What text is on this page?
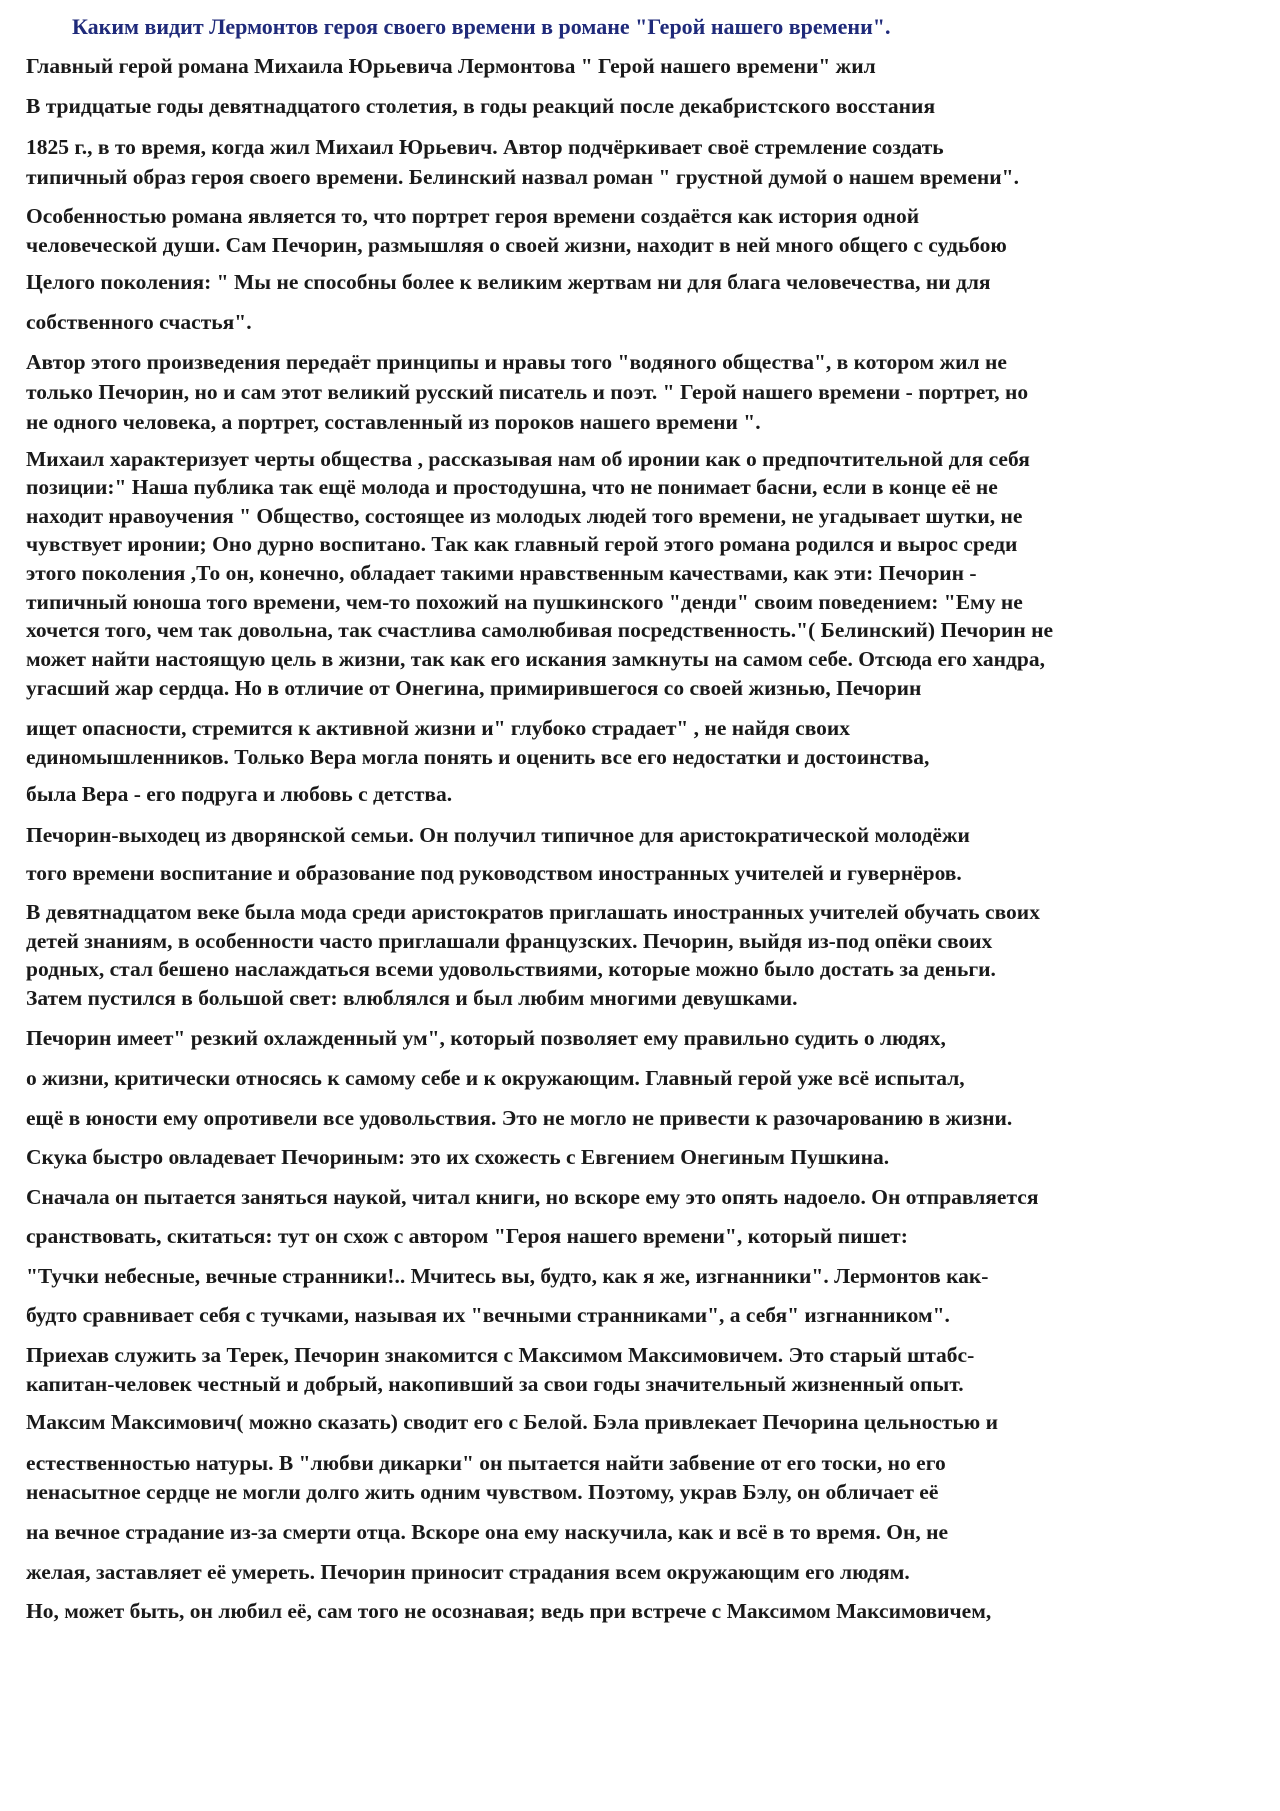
Каким видит Лермонтов героя своего времени в романе "Герой нашего времени".
Главный герой романа Михаила Юрьевича Лермонтова " Герой нашего времени" жил
В тридцатые годы девятнадцатого столетия, в годы реакций после декабристского восстания
1825 г., в то время, когда жил Михаил Юрьевич. Автор подчёркивает своё стремление создать
типичный образ героя своего времени. Белинский назвал роман " грустной думой о нашем времени".
Особенностью романа является то, что портрет героя времени создаётся как история одной
человеческой души. Сам Печорин, размышляя о своей жизни, находит в ней много общего с судьбою
Целого поколения: " Мы не способны более к великим жертвам ни для блага человечества, ни для
собственного счастья".
Автор этого произведения передаёт принципы и нравы того "водяного общества", в котором жил не
только Печорин, но и сам этот великий русский писатель и поэт. " Герой нашего времени - портрет, но
не одного человека, а портрет, составленный из пороков нашего времени ".
Михаил характеризует черты общества , рассказывая нам об иронии как о предпочтительной для себя
позиции:" Наша публика так ещё молода и простодушна, что не понимает басни, если в конце её не
находит нравоучения " Общество, состоящее из молодых людей того времени, не угадывает шутки, не
чувствует иронии; Оно дурно воспитано. Так как главный герой этого романа родился и вырос среди
этого поколения ,То он, конечно, обладает такими нравственным качествами, как эти: Печорин -
типичный юноша того времени, чем-то похожий на пушкинского "денди" своим поведением: "Ему не
хочется того, чем так довольна, так счастлива самолюбивая посредственность."( Белинский) Печорин не
может найти настоящую цель в жизни, так как его искания замкнуты на самом себе. Отсюда его хандра,
угасший жар сердца. Но в отличие от Онегина, примирившегося со своей жизнью, Печорин
ищет опасности, стремится к активной жизни и" глубоко страдает" , не найдя своих
единомышленников. Только Вера могла понять и оценить все его недостатки и достоинства,
была Вера - его подруга и любовь с детства.
Печорин-выходец из дворянской семьи. Он получил типичное для аристократической молодёжи
того времени воспитание и образование под руководством иностранных учителей и гувернёров.
В девятнадцатом веке была мода среди аристократов приглашать иностранных учителей обучать своих
детей знаниям, в особенности часто приглашали французских. Печорин, выйдя из-под опёки своих
родных, стал бешено наслаждаться всеми удовольствиями, которые можно было достать за деньги.
Затем пустился в большой свет: влюблялся и был любим многими девушками.
Печорин имеет" резкий охлажденный ум", который позволяет ему правильно судить о людях,
о жизни, критически относясь к самому себе и к окружающим. Главный герой уже всё испытал,
ещё в юности ему опротивели все удовольствия. Это не могло не привести к разочарованию в жизни.
Скука быстро овладевает Печориным: это их схожесть с Евгением Онегиным Пушкина.
Сначала он пытается заняться наукой, читал книги, но вскоре ему это опять надоело. Он отправляется
сранствовать, скитаться: тут он схож с автором "Героя нашего времени", который пишет:
"Тучки небесные, вечные странники!.. Мчитесь вы, будто, как я же, изгнанники". Лермонтов как-
будто сравнивает себя с тучками, называя их "вечными странниками", а себя" изгнанником".
Приехав служить за Терек, Печорин знакомится с Максимом Максимовичем. Это старый штабс-
капитан-человек честный и добрый, накопивший за свои годы значительный жизненный опыт.
Максим Максимович( можно сказать) сводит его с Белой. Бэла привлекает Печорина цельностью и
естественностью натуры. В "любви дикарки" он пытается найти забвение от его тоски, но его
ненасытное сердце не могли долго жить одним чувством. Поэтому, украв Бэлу, он обличает её
на вечное страдание из-за смерти отца. Вскоре она ему наскучила, как и всё в то время. Он, не
желая, заставляет её умереть. Печорин приносит страдания всем окружающим его людям.
Но, может быть, он любил её, сам того не осознавая; ведь при встрече с Максимом Максимовичем,
